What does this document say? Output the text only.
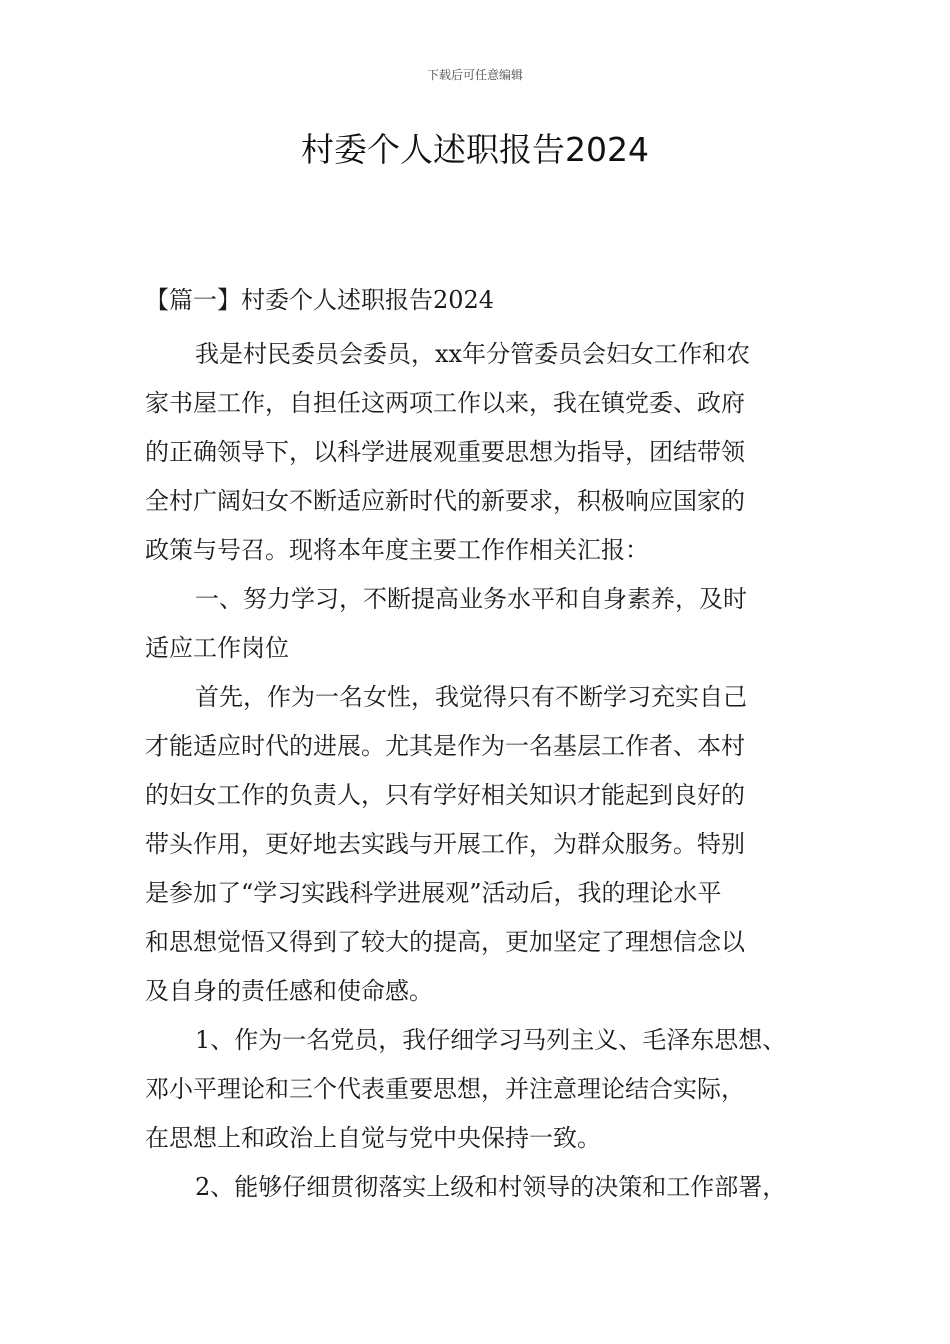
下载后可任意编辑
村委个人述职报告2024
【篇一】村委个人述职报告2024
我是村民委员会委员，xx年分管委员会妇女工作和农
家书屋工作，自担任这两项工作以来，我在镇党委、政府
的正确领导下，以科学进展观重要思想为指导，团结带领
全村广阔妇女不断适应新时代的新要求，积极响应国家的
政策与号召。现将本年度主要工作作相关汇报：
一、努力学习，不断提高业务水平和自身素养，及时
适应工作岗位
首先，作为一名女性，我觉得只有不断学习充实自己
才能适应时代的进展。尤其是作为一名基层工作者、本村
的妇女工作的负责人，只有学好相关知识才能起到良好的
带头作用，更好地去实践与开展工作，为群众服务。特别
是参加了“学习实践科学进展观”活动后，我的理论水平
和思想觉悟又得到了较大的提高，更加坚定了理想信念以
及自身的责任感和使命感。
1、作为一名党员，我仔细学习马列主义、毛泽东思想、
邓小平理论和三个代表重要思想，并注意理论结合实际，
在思想上和政治上自觉与党中央保持一致。
2、能够仔细贯彻落实上级和村领导的决策和工作部署，
